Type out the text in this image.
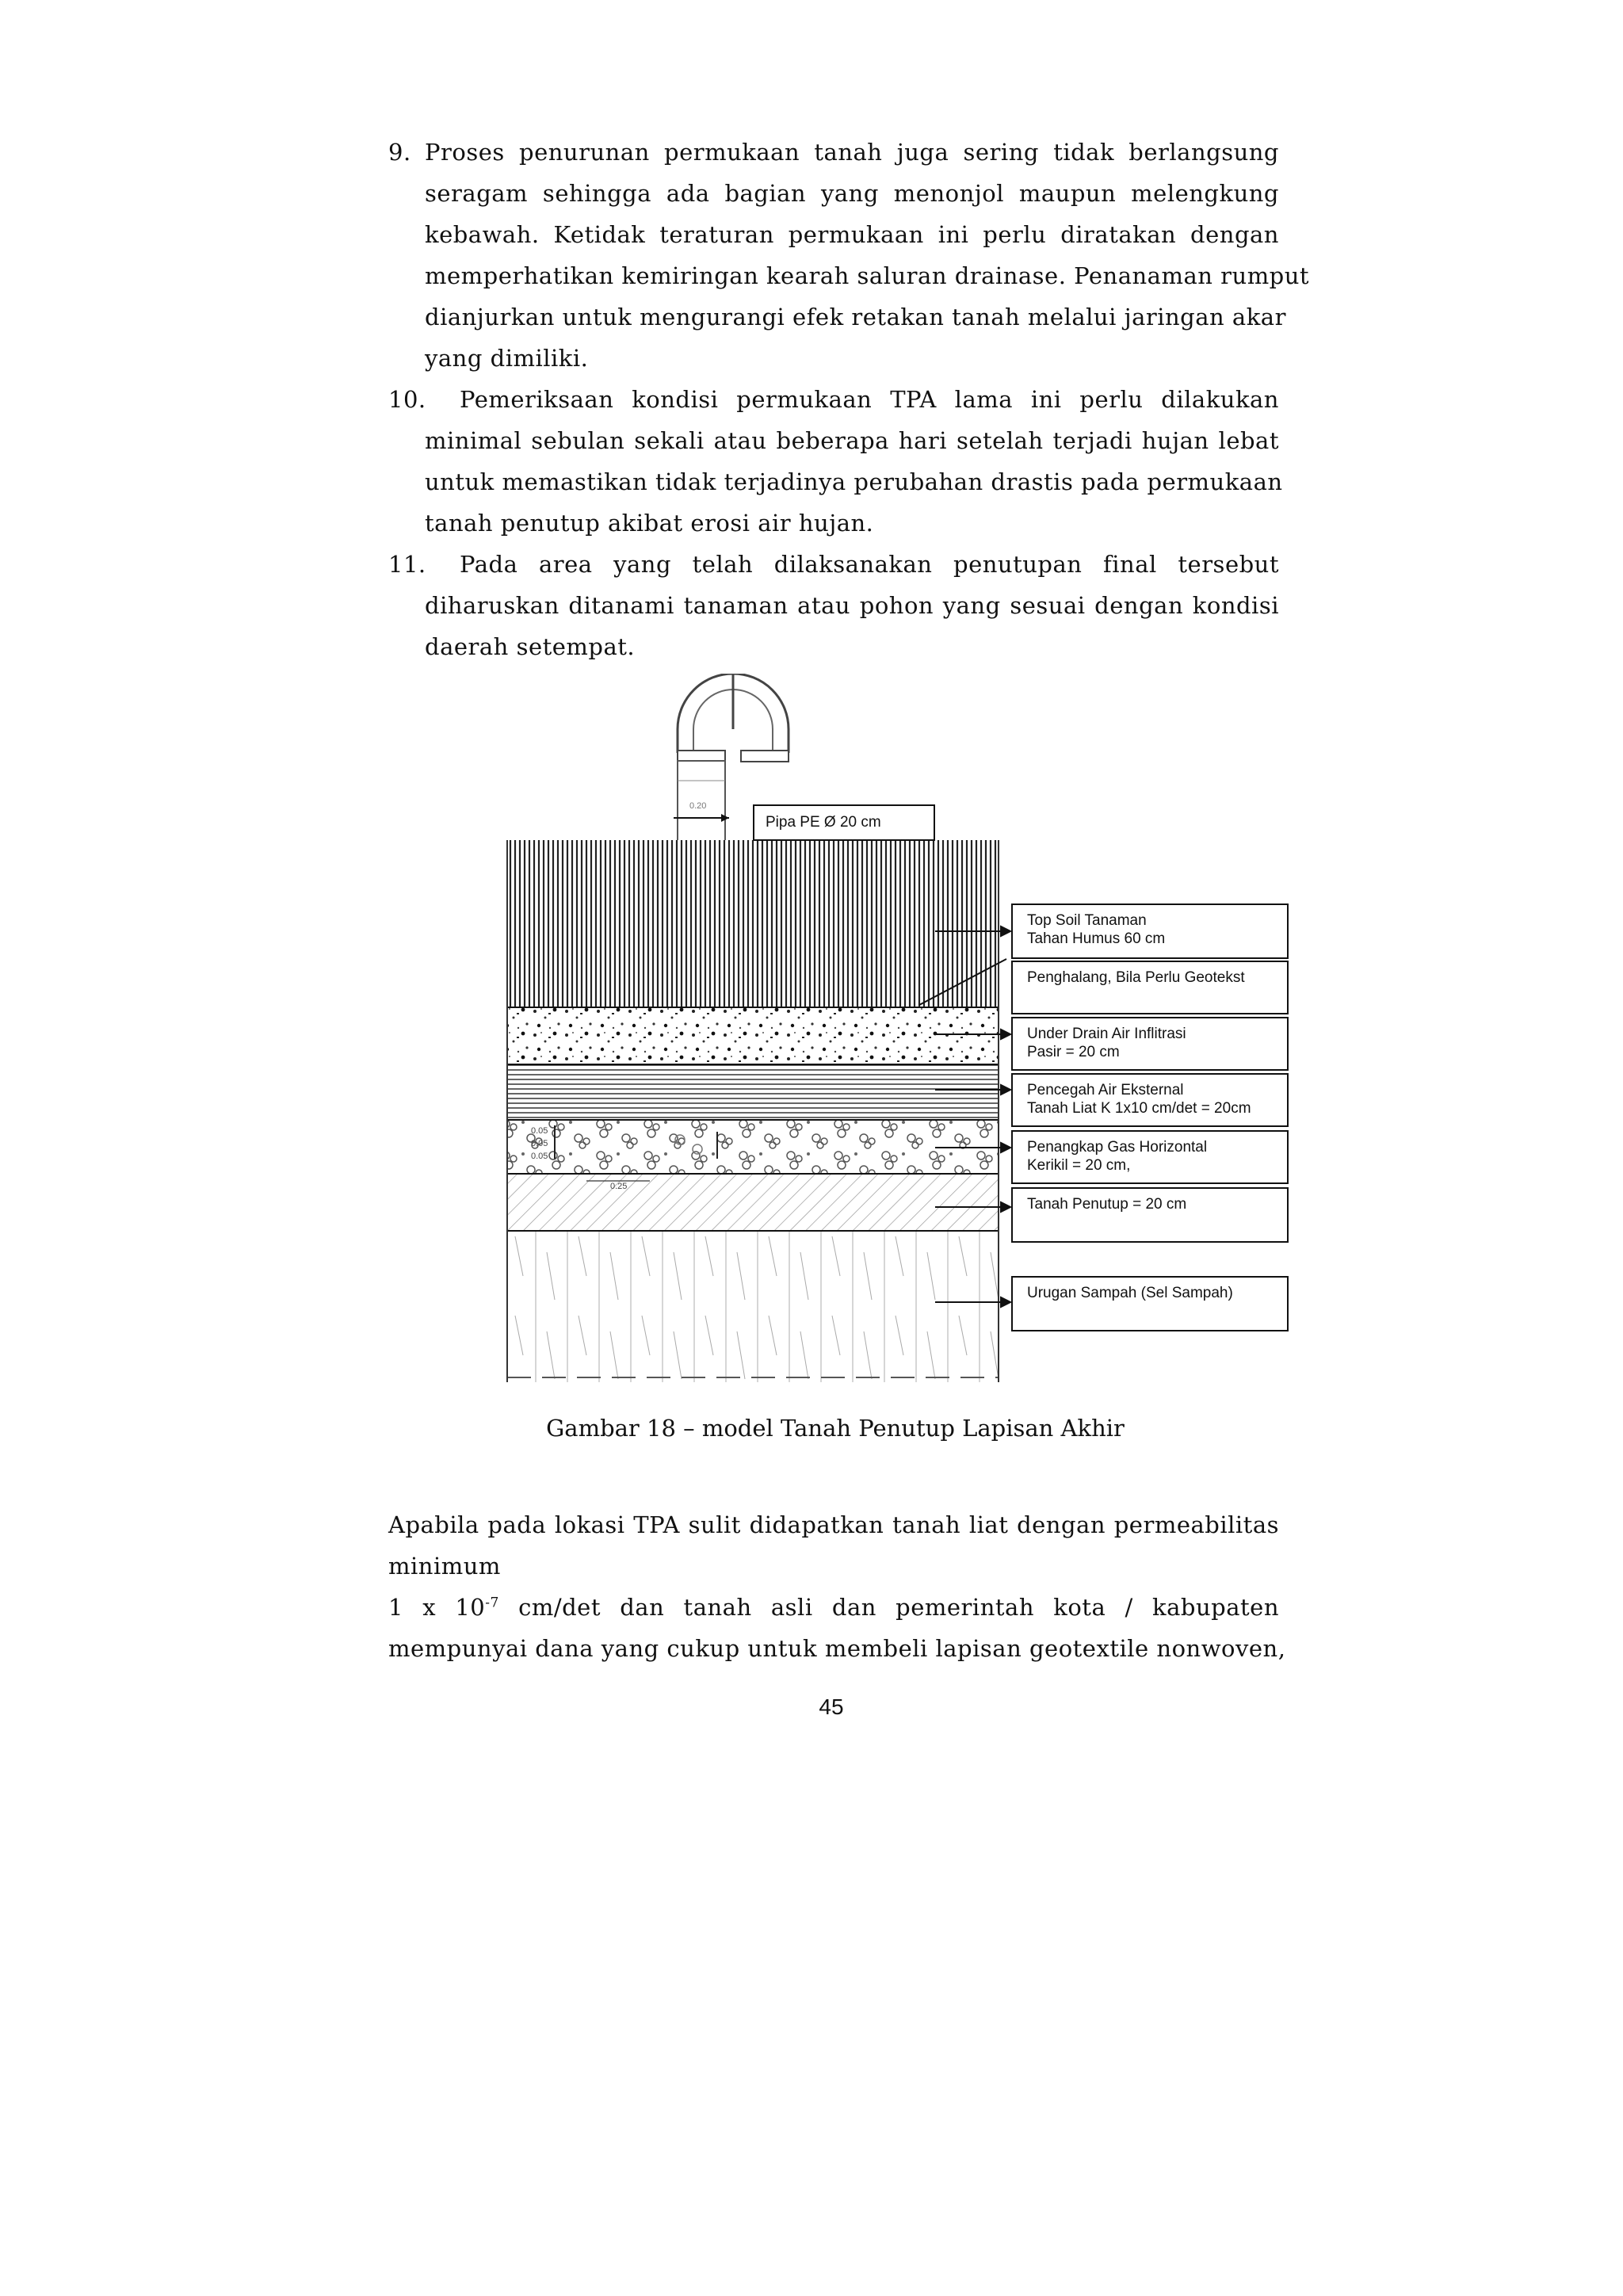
9. Proses penurunan permukaan tanah juga sering tidak berlangsung
seragam sehingga ada bagian yang menonjol maupun melengkung
kebawah. Ketidak teraturan permukaan ini perlu diratakan dengan
memperhatikan kemiringan kearah saluran drainase. Penanaman rumput
dianjurkan untuk mengurangi efek retakan tanah melalui jaringan akar
yang dimiliki.
10. Pemeriksaan kondisi permukaan TPA lama ini perlu dilakukan
minimal sebulan sekali atau beberapa hari setelah terjadi hujan lebat
untuk memastikan tidak terjadinya perubahan drastis pada permukaan
tanah penutup akibat erosi air hujan.
11. Pada area yang telah dilaksanakan penutupan final tersebut
diharuskan ditanami tanaman atau pohon yang sesuai dengan kondisi
daerah setempat.
0.20
0.05
0.05
0.05
0.25
Pipa PE Ø 20 cm
Top Soil Tanaman
Tahan Humus 60 cm
Penghalang, Bila Perlu Geotekst
Under Drain Air Inflitrasi
Pasir = 20 cm
Pencegah Air Eksternal
Tanah Liat K 1x10 cm/det = 20cm
Penangkap Gas Horizontal
Kerikil = 20 cm,
Tanah Penutup = 20 cm
Urugan Sampah (Sel Sampah)
Gambar 18 – model Tanah Penutup Lapisan Akhir
Apabila pada lokasi TPA sulit didapatkan tanah liat dengan permeabilitas
minimum
1 x $10^{-7}$ cm/det dan tanah asli dan pemerintah kota / kabupaten
mempunyai dana yang cukup untuk membeli lapisan geotextile nonwoven,
45
